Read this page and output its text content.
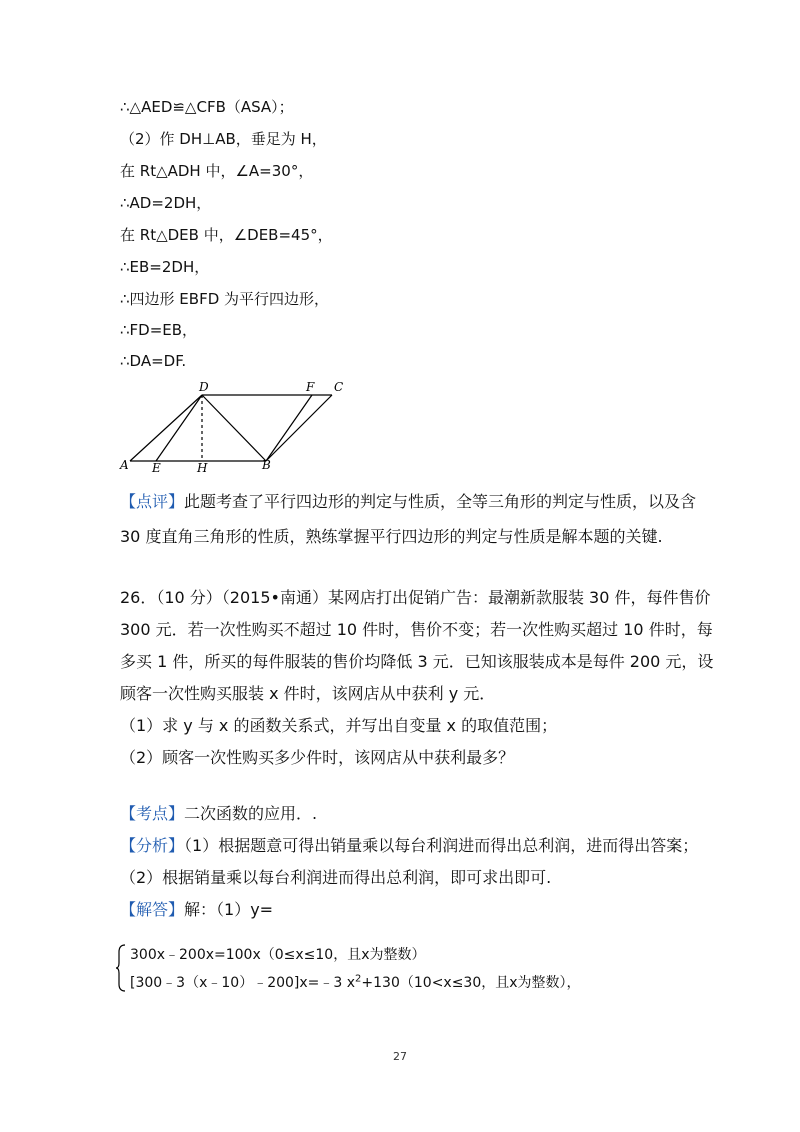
∴△AED≌△CFB（ASA）；
（2）作 DH⊥AB，垂足为 H，
在 Rt△ADH 中，∠A=30°，
∴AD=2DH，
在 Rt△DEB 中，∠DEB=45°，
∴EB=2DH，
∴四边形 EBFD 为平行四边形，
∴FD=EB，
∴DA=DF.
D	F C
A E	H	B
【点评】此题考查了平行四边形的判定与性质，全等三角形的判定与性质，以及含
30 度直角三角形的性质，熟练掌握平行四边形的判定与性质是解本题的关键.
26．（10 分）（2015•南通）某网店打出促销广告：最潮新款服装 30 件，每件售价
300 元．若一次性购买不超过 10 件时，售价不变；若一次性购买超过 10 件时，每
多买 1 件，所买的每件服装的售价均降低 3 元．已知该服装成本是每件 200 元，设
顾客一次性购买服装 x 件时，该网店从中获利 y 元．
（1）求 y 与 x 的函数关系式，并写出自变量 x 的取值范围；
（2）顾客一次性购买多少件时，该网店从中获利最多？
【考点】二次函数的应用．.
【分析】（1）根据题意可得出销量乘以每台利润进而得出总利润，进而得出答案；
（2）根据销量乘以每台利润进而得出总利润，即可求出即可.
【解答】解：（1）y=
300x﹣200x=100x（0≤x≤10，且x为整数）
[300﹣3（x﹣10）﹣200]x=﹣3 $x^2+130(10<x\le 30$，且x为整数），
27
